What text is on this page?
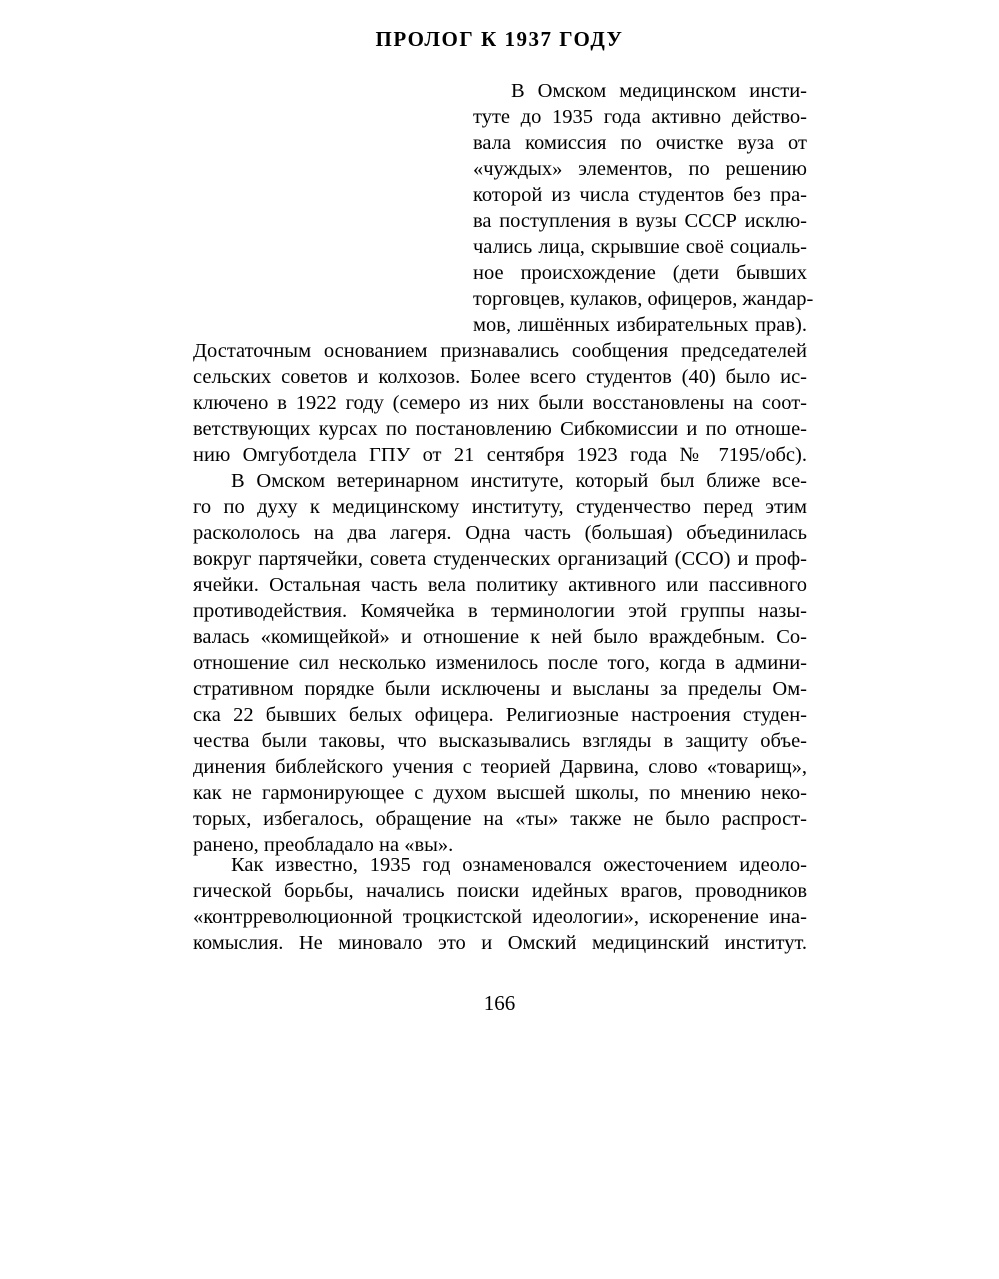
ПРОЛОГ К 1937 ГОДУ
В Омском медицинском инсти-
туте до 1935 года активно действо-
вала комиссия по очистке вуза от
«чуждых» элементов, по решению
которой из числа студентов без пра-
ва поступления в вузы СССР исклю-
чались лица, скрывшие своё социаль-
ное происхождение (дети бывших
торговцев, кулаков, офицеров, жандар-
мов, лишённых избирательных прав).
Достаточным основанием признавались сообщения председателей
сельских советов и колхозов. Более всего студентов (40) было ис-
ключено в 1922 году (семеро из них были восстановлены на соот-
ветствующих курсах по постановлению Сибкомиссии и по отноше-
нию Омгуботдела ГПУ от 21 сентября 1923 года № 7195/обс).
В Омском ветеринарном институте, который был ближе все-
го по духу к медицинскому институту, студенчество перед этим
раскололось на два лагеря. Одна часть (большая) объединилась
вокруг партячейки, совета студенческих организаций (ССО) и проф-
ячейки. Остальная часть вела политику активного или пассивного
противодействия. Комячейка в терминологии этой группы назы-
валась «комищейкой» и отношение к ней было враждебным. Со-
отношение сил несколько изменилось после того, когда в админи-
стративном порядке были исключены и высланы за пределы Ом-
ска 22 бывших белых офицера. Религиозные настроения студен-
чества были таковы, что высказывались взгляды в защиту объе-
динения библейского учения с теорией Дарвина, слово «товарищ»,
как не гармонирующее с духом высшей школы, по мнению неко-
торых, избегалось, обращение на «ты» также не было распрост-
ранено, преобладало на «вы».
Как известно, 1935 год ознаменовался ожесточением идеоло-
гической борьбы, начались поиски идейных врагов, проводников
«контрреволюционной троцкистской идеологии», искоренение ина-
комыслия. Не миновало это и Омский медицинский институт.
166
